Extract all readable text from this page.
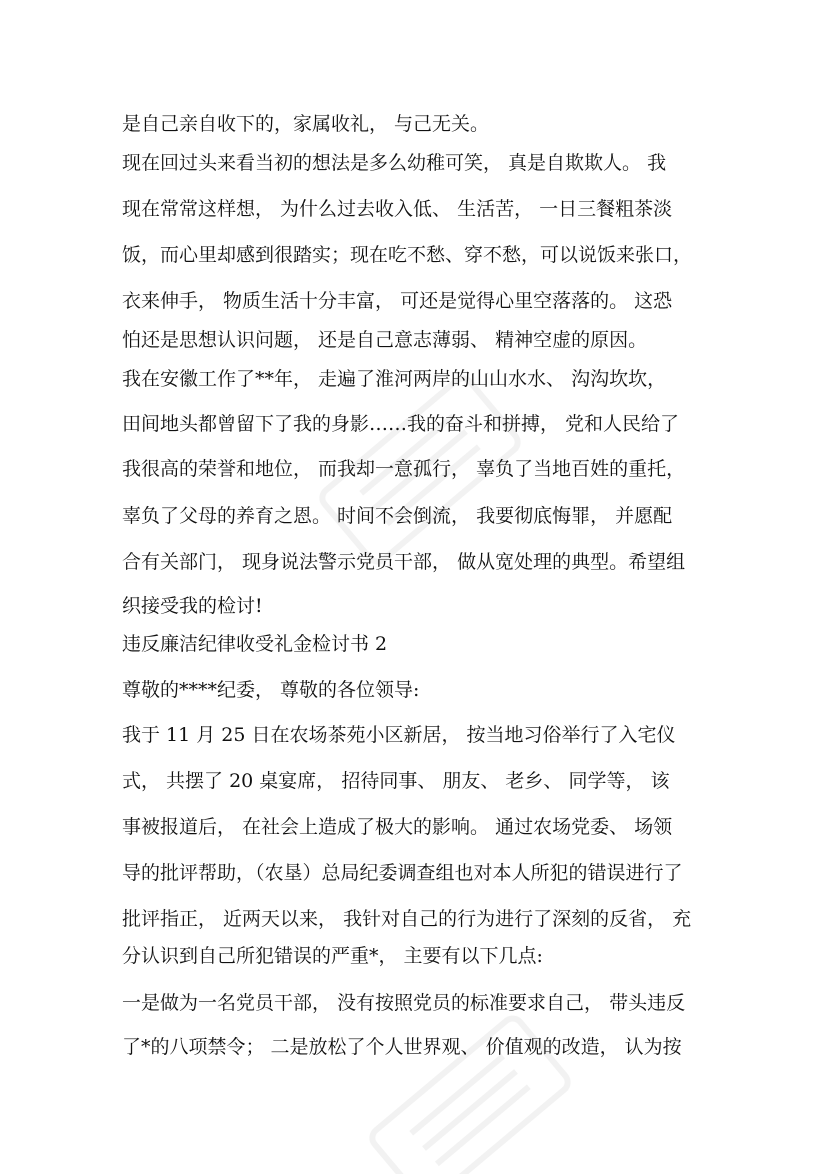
是自己亲自收下的，家属收礼， 与己无关。
现在回过头来看当初的想法是多么幼稚可笑， 真是自欺欺人。 我
现在常常这样想， 为什么过去收入低、 生活苦， 一日三餐粗茶淡
饭，而心里却感到很踏实；现在吃不愁、穿不愁，可以说饭来张口，
衣来伸手， 物质生活十分丰富， 可还是觉得心里空落落的。 这恐
怕还是思想认识问题， 还是自己意志薄弱、 精神空虚的原因。
我在安徽工作了**年， 走遍了淮河两岸的山山水水、 沟沟坎坎，
田间地头都曾留下了我的身影……我的奋斗和拼搏， 党和人民给了
我很高的荣誉和地位， 而我却一意孤行， 辜负了当地百姓的重托，
辜负了父母的养育之恩。 时间不会倒流， 我要彻底悔罪， 并愿配
合有关部门， 现身说法警示党员干部， 做从宽处理的典型。希望组
织接受我的检讨!
违反廉洁纪律收受礼金检讨书 2
尊敬的****纪委， 尊敬的各位领导:
我于 11 月 25 日在农场茶苑小区新居， 按当地习俗举行了入宅仪
式， 共摆了 20 桌宴席， 招待同事、 朋友、 老乡、 同学等， 该
事被报道后， 在社会上造成了极大的影响。 通过农场党委、 场领
导的批评帮助，（农垦）总局纪委调查组也对本人所犯的错误进行了
批评指正， 近两天以来， 我针对自己的行为进行了深刻的反省， 充
分认识到自己所犯错误的严重*， 主要有以下几点:
一是做为一名党员干部， 没有按照党员的标准要求自己， 带头违反
了*的八项禁令； 二是放松了个人世界观、 价值观的改造， 认为按
